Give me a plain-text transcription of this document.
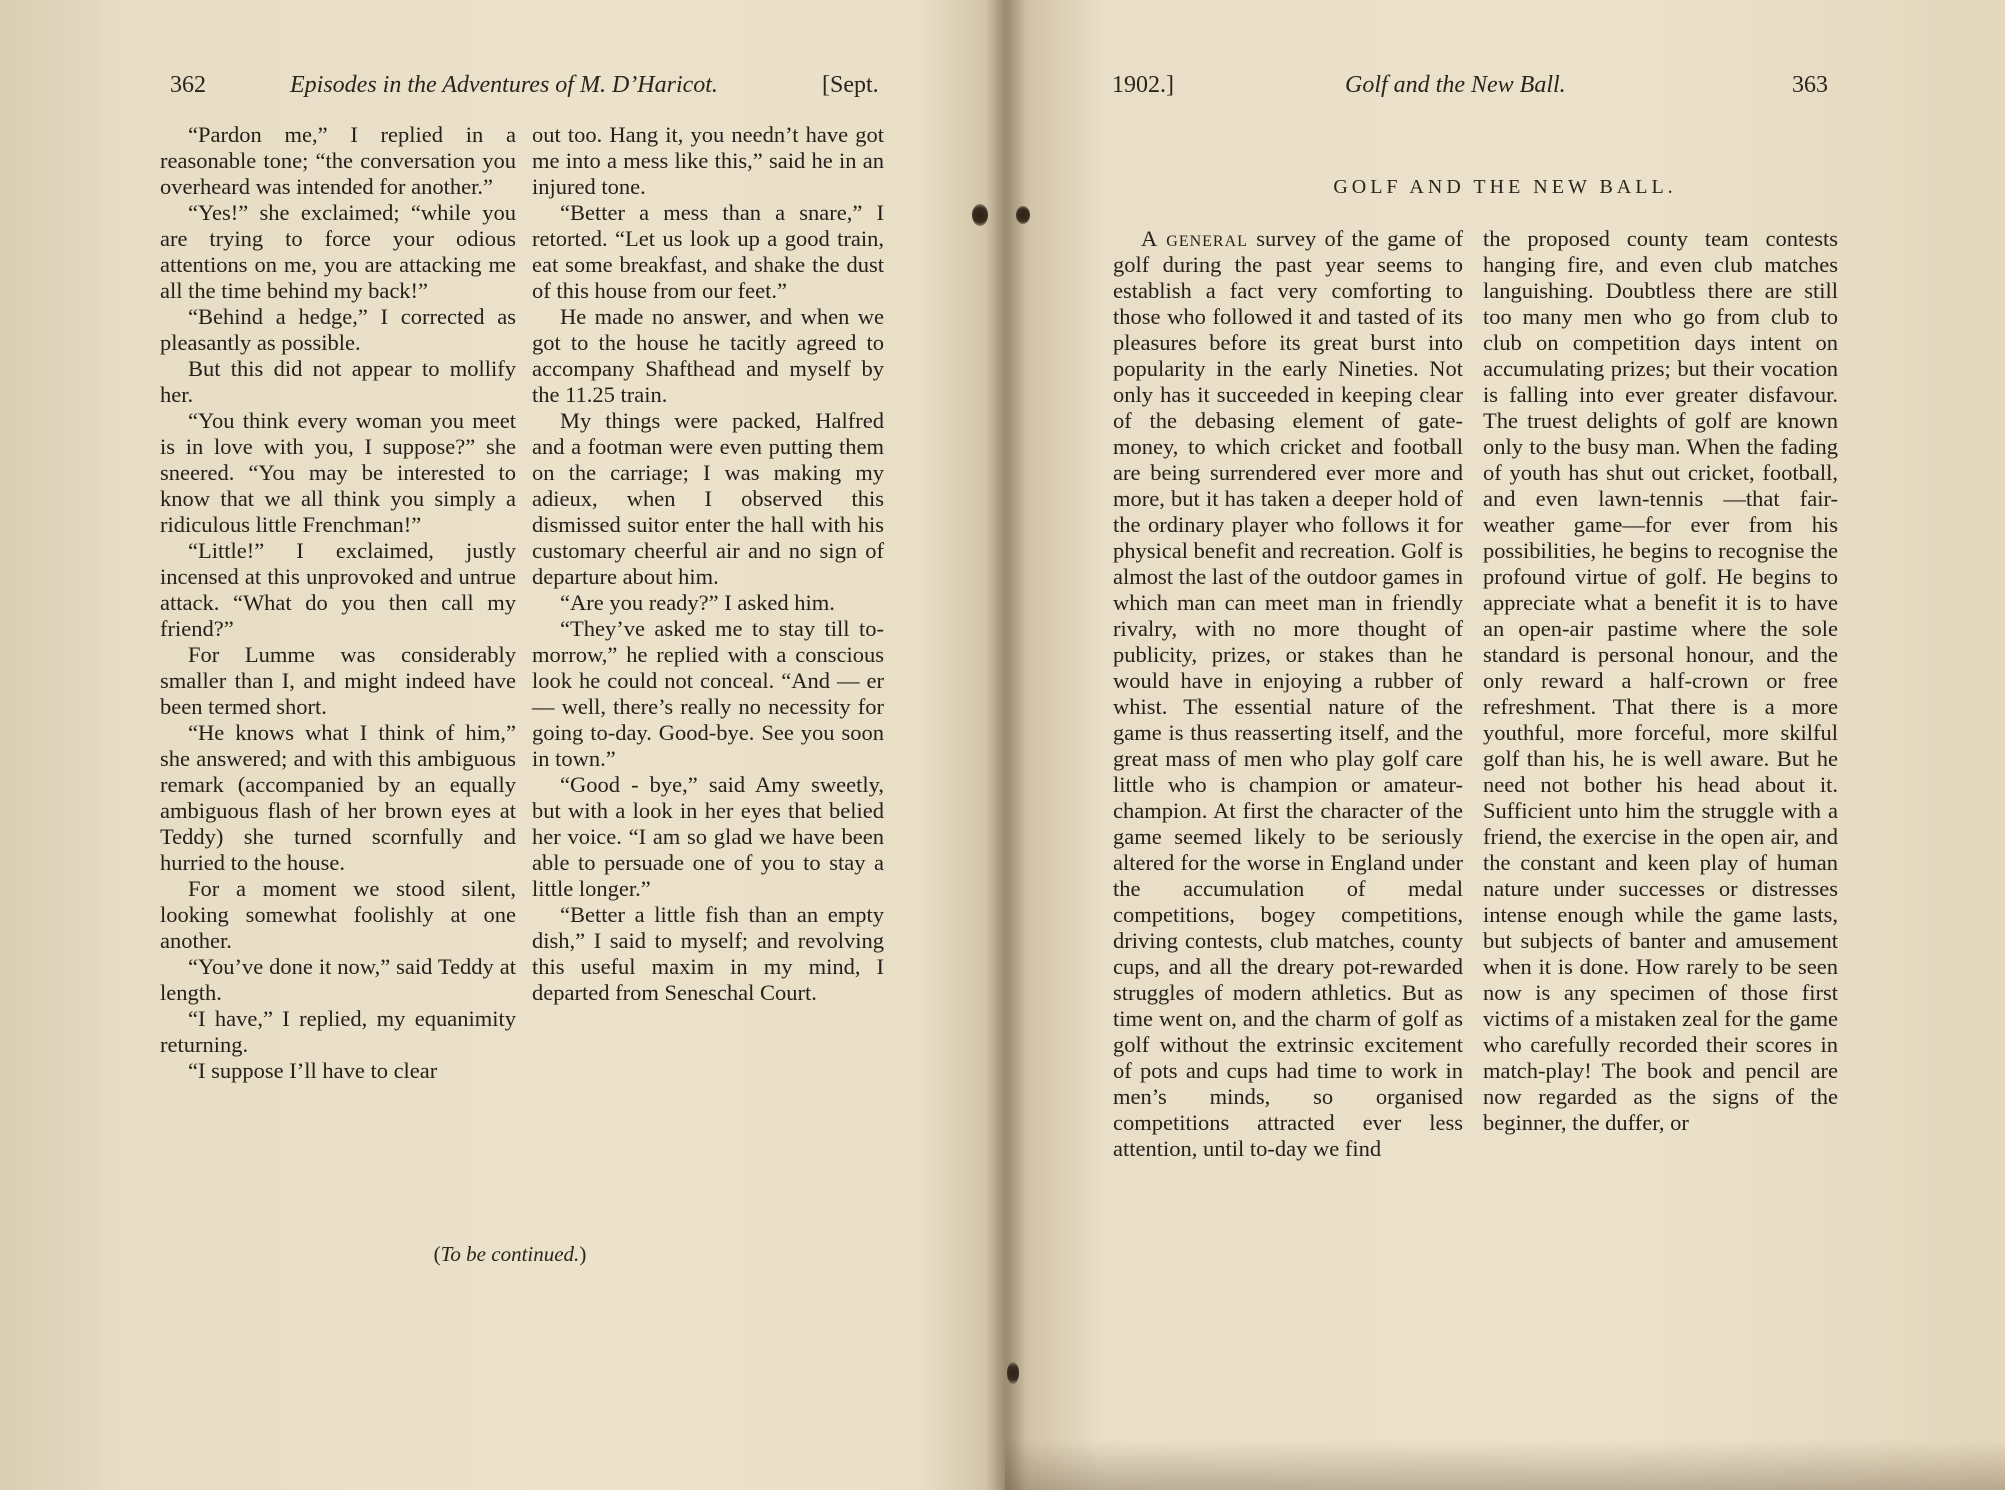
362	Episodes in the Adventures of M. D’Haricot.	[Sept.

“Pardon me,” I replied in a reasonable tone; “the conversation you overheard was intended for another.”

“Yes!” she exclaimed; “while you are trying to force your odious attentions on me, you are attacking me all the time behind my back!”

“Behind a hedge,” I corrected as pleasantly as possible.

But this did not appear to mollify her.

“You think every woman you meet is in love with you, I suppose?” she sneered. “You may be interested to know that we all think you simply a ridiculous little Frenchman!”

“Little!” I exclaimed, justly incensed at this unprovoked and untrue attack. “What do you then call my friend?”

For Lumme was considerably smaller than I, and might indeed have been termed short.

“He knows what I think of him,” she answered; and with this ambiguous remark (accompanied by an equally ambiguous flash of her brown eyes at Teddy) she turned scornfully and hurried to the house.

For a moment we stood silent, looking somewhat foolishly at one another.

“You’ve done it now,” said Teddy at length.

“I have,” I replied, my equanimity returning.

“I suppose I’ll have to clear

out too. Hang it, you needn’t have got me into a mess like this,” said he in an injured tone.

“Better a mess than a snare,” I retorted. “Let us look up a good train, eat some breakfast, and shake the dust of this house from our feet.”

He made no answer, and when we got to the house he tacitly agreed to accompany Shafthead and myself by the 11.25 train.

My things were packed, Halfred and a footman were even putting them on the carriage; I was making my adieux, when I observed this dismissed suitor enter the hall with his customary cheerful air and no sign of departure about him.

“Are you ready?” I asked him.

“They’ve asked me to stay till to-morrow,” he replied with a conscious look he could not conceal. “And — er — well, there’s really no necessity for going to-day. Good-bye. See you soon in town.”

“Good - bye,” said Amy sweetly, but with a look in her eyes that belied her voice. “I am so glad we have been able to persuade one of you to stay a little longer.”

“Better a little fish than an empty dish,” I said to myself; and revolving this useful maxim in my mind, I departed from Seneschal Court.

(To be continued.)
1902.]	Golf and the New Ball.	363
GOLF AND THE NEW BALL.

A general survey of the game of golf during the past year seems to establish a fact very comforting to those who followed it and tasted of its pleasures before its great burst into popularity in the early Nineties. Not only has it succeeded in keeping clear of the debasing element of gate-money, to which cricket and football are being surrendered ever more and more, but it has taken a deeper hold of the ordinary player who follows it for physical benefit and recreation. Golf is almost the last of the outdoor games in which man can meet man in friendly rivalry, with no more thought of publicity, prizes, or stakes than he would have in enjoying a rubber of whist. The essential nature of the game is thus reasserting itself, and the great mass of men who play golf care little who is champion or amateur-champion. At first the character of the game seemed likely to be seriously altered for the worse in England under the accumulation of medal competitions, bogey competitions, driving contests, club matches, county cups, and all the dreary pot-rewarded struggles of modern athletics. But as time went on, and the charm of golf as golf without the extrinsic excitement of pots and cups had time to work in men’s minds, so organised competitions attracted ever less attention, until to-day we find

the proposed county team contests hanging fire, and even club matches languishing. Doubtless there are still too many men who go from club to club on competition days intent on accumulating prizes; but their vocation is falling into ever greater disfavour. The truest delights of golf are known only to the busy man. When the fading of youth has shut out cricket, football, and even lawn-tennis —that fair-weather game—for ever from his possibilities, he begins to recognise the profound virtue of golf. He begins to appreciate what a benefit it is to have an open-air pastime where the sole standard is personal honour, and the only reward a half-crown or free refreshment. That there is a more youthful, more forceful, more skilful golf than his, he is well aware. But he need not bother his head about it. Sufficient unto him the struggle with a friend, the exercise in the open air, and the constant and keen play of human nature under successes or distresses intense enough while the game lasts, but subjects of banter and amusement when it is done. How rarely to be seen now is any specimen of those first victims of a mistaken zeal for the game who carefully recorded their scores in match-play! The book and pencil are now regarded as the signs of the beginner, the duffer, or
